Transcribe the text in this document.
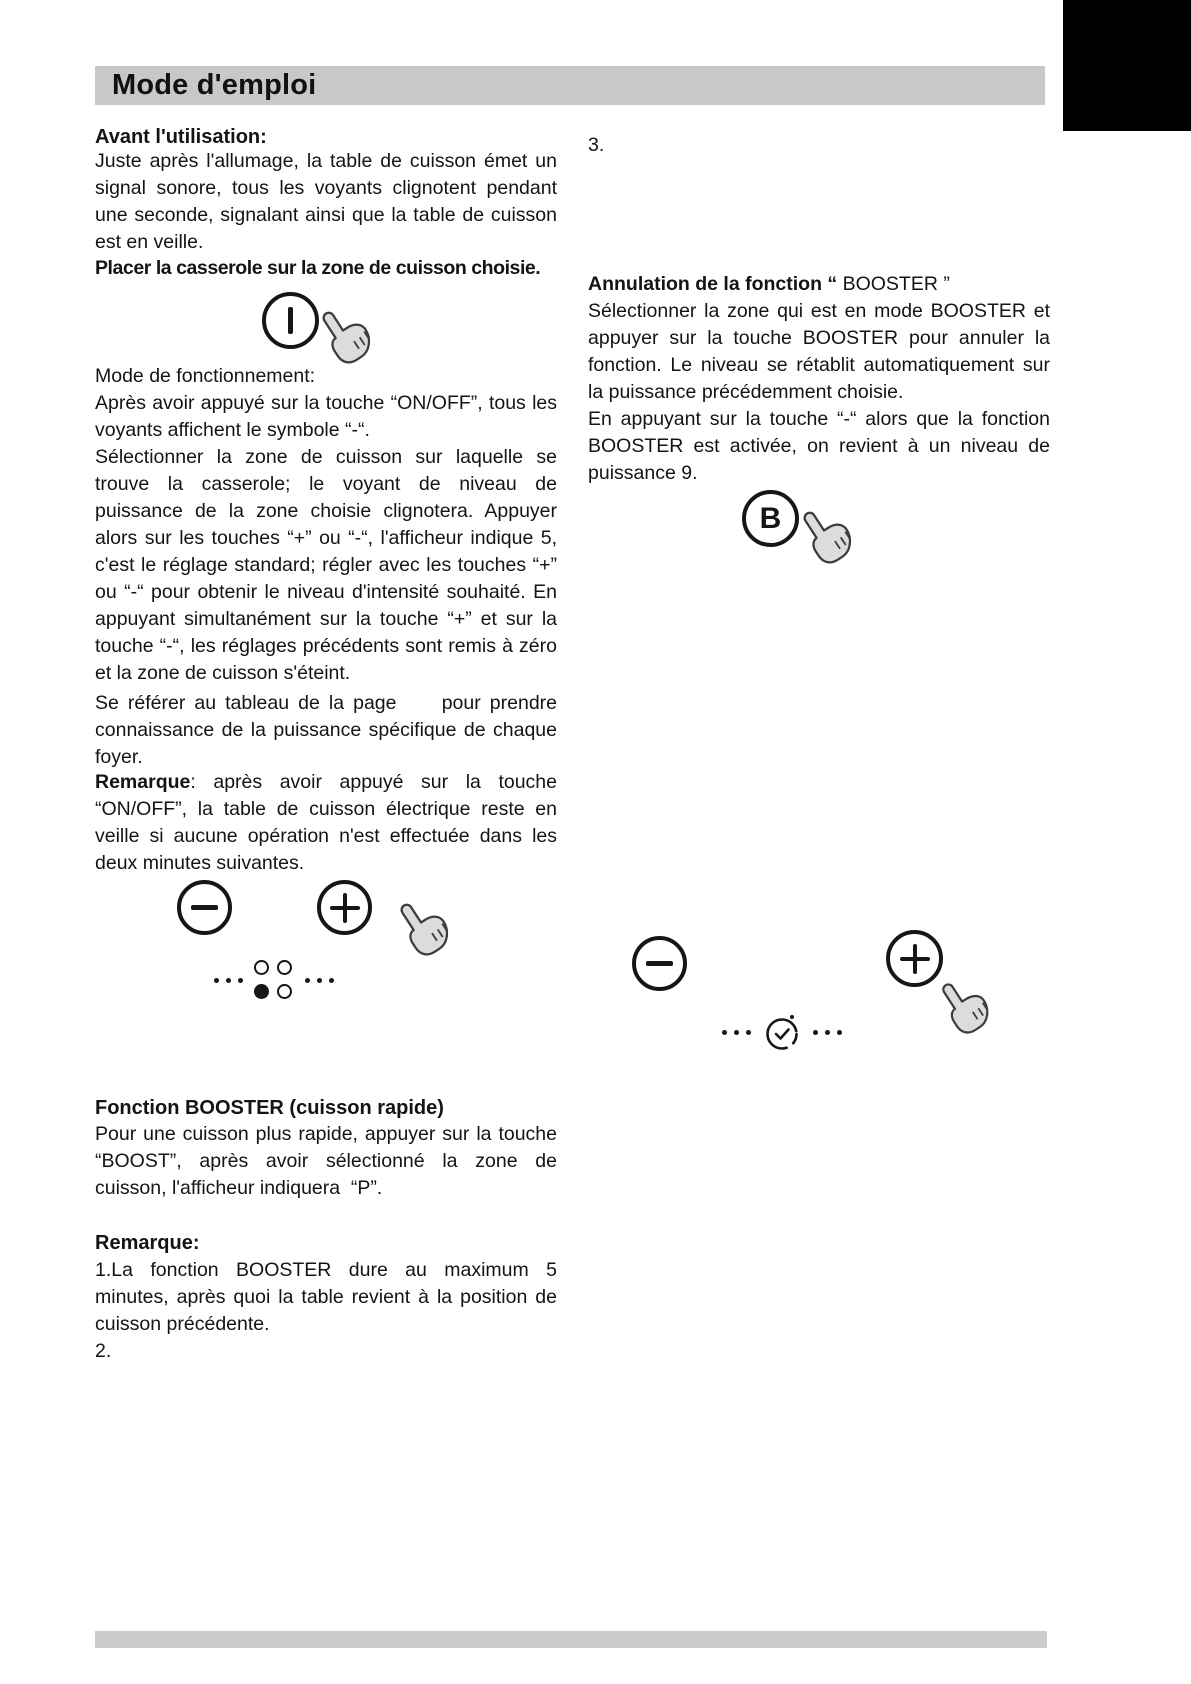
Mode d'emploi
Avant l'utilisation:

Juste après l'allumage, la table de cuisson émet un signal sonore, tous les voyants clignotent pendant une seconde, signalant ainsi que la table de cuisson est en veille.

Placer la casserole sur la zone de cuisson choisie.

Mode de fonctionnement:

Après avoir appuyé sur la touche “ON/OFF”, tous les voyants affichent le symbole “-“.

Sélectionner la zone de cuisson sur laquelle se trouve la casserole; le voyant de niveau de puissance de la zone choisie clignotera. Appuyer alors sur les touches “+” ou “-“, l'afficheur indique 5, c'est le réglage standard; régler avec les touches “+” ou “-“ pour obtenir le niveau d'intensité souhaité. En appuyant simultanément sur la touche “+” et sur la touche “-“, les réglages précédents sont remis à zéro et la zone de cuisson s'éteint.

Se référer au tableau de la page     pour prendre connaissance de la puissance spécifique de chaque foyer.

Remarque: après avoir appuyé sur la touche “ON/OFF”, la table de cuisson électrique reste en veille si aucune opération n'est effectuée dans les deux minutes suivantes.

Fonction BOOSTER (cuisson rapide)

Pour une cuisson plus rapide, appuyer sur la touche “BOOST”, après avoir sélectionné la zone de cuisson, l'afficheur indiquera  “P”.

Remarque:

1.La fonction BOOSTER dure au maximum 5 minutes, après quoi la table revient à la position de cuisson précédente.

2.

3.

Annulation de la fonction “ BOOSTER ”

Sélectionner la zone qui est en mode BOOSTER et appuyer sur la touche BOOSTER pour annuler la fonction. Le niveau se rétablit automatiquement sur la puissance précédemment choisie.

En appuyant sur la touche “-“ alors que la fonction BOOSTER est activée, on revient à un niveau de puissance 9.

B
